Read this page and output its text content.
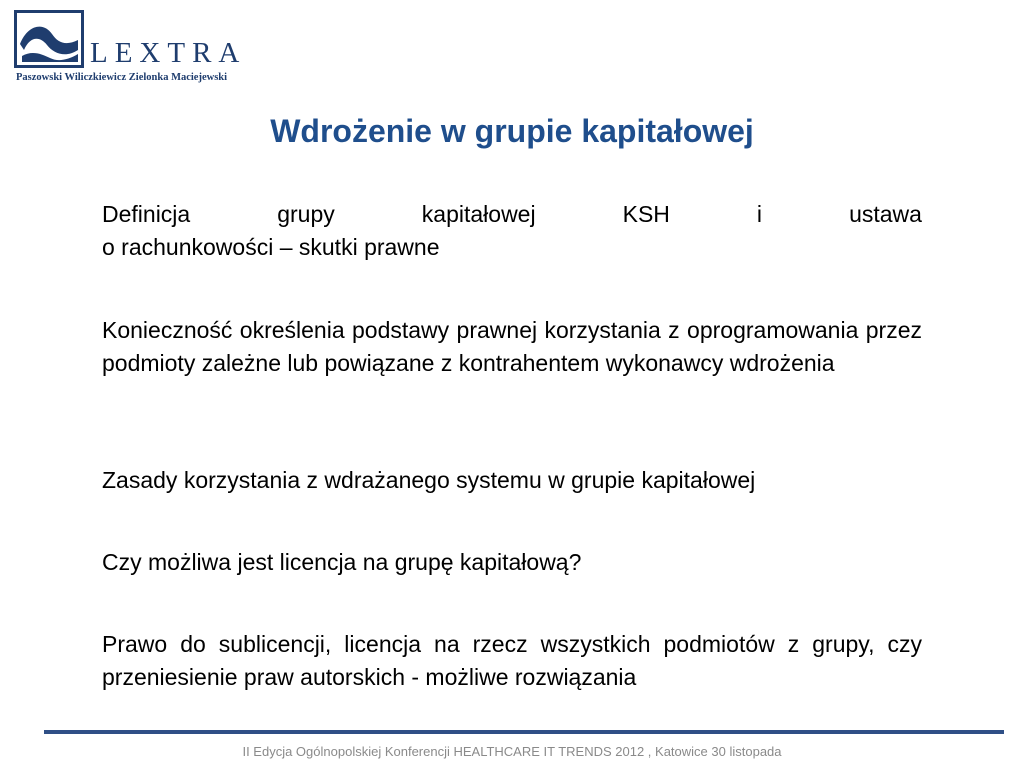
LEXTRA
Paszowski Wiliczkiewicz Zielonka Maciejewski
Wdrożenie w grupie kapitałowej

Definicja	grupy	kapitałowej	KSH	i	ustawa
o rachunkowości – skutki prawne

Konieczność określenia podstawy prawnej korzystania z oprogramowania przez podmioty zależne lub powiązane z kontrahentem wykonawcy wdrożenia

Zasady korzystania z wdrażanego systemu w grupie kapitałowej

Czy możliwa jest licencja na grupę kapitałową?

Prawo do sublicencji, licencja na rzecz wszystkich podmiotów z grupy, czy przeniesienie praw autorskich - możliwe rozwiązania

II Edycja Ogólnopolskiej Konferencji HEALTHCARE IT TRENDS 2012 , Katowice 30 listopada
